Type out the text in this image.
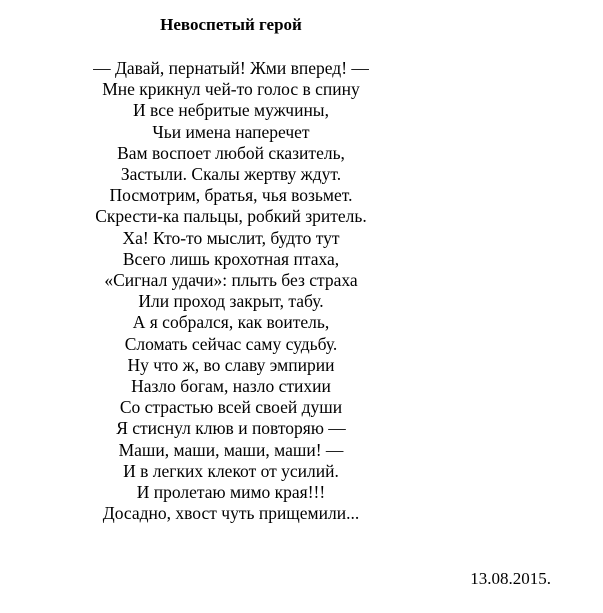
Невоспетый герой
— Давай, пернатый! Жми вперед! —
Мне крикнул чей-то голос в спину
И все небритые мужчины,
Чьи имена наперечет
Вам воспоет любой сказитель,
Застыли. Скалы жертву ждут.
Посмотрим, братья, чья возьмет.
Скрести-ка пальцы, робкий зритель.
Ха! Кто-то мыслит, будто тут
Всего лишь крохотная птаха,
«Сигнал удачи»: плыть без страха
Или проход закрыт, табу.
А я собрался, как воитель,
Сломать сейчас саму судьбу.
Ну что ж, во славу эмпирии
Назло богам, назло стихии
Со страстью всей своей души
Я стиснул клюв и повторяю —
Маши, маши, маши, маши! —
И в легких клекот от усилий.
И пролетаю мимо края!!!
Досадно, хвост чуть прищемили...
13.08.2015.
